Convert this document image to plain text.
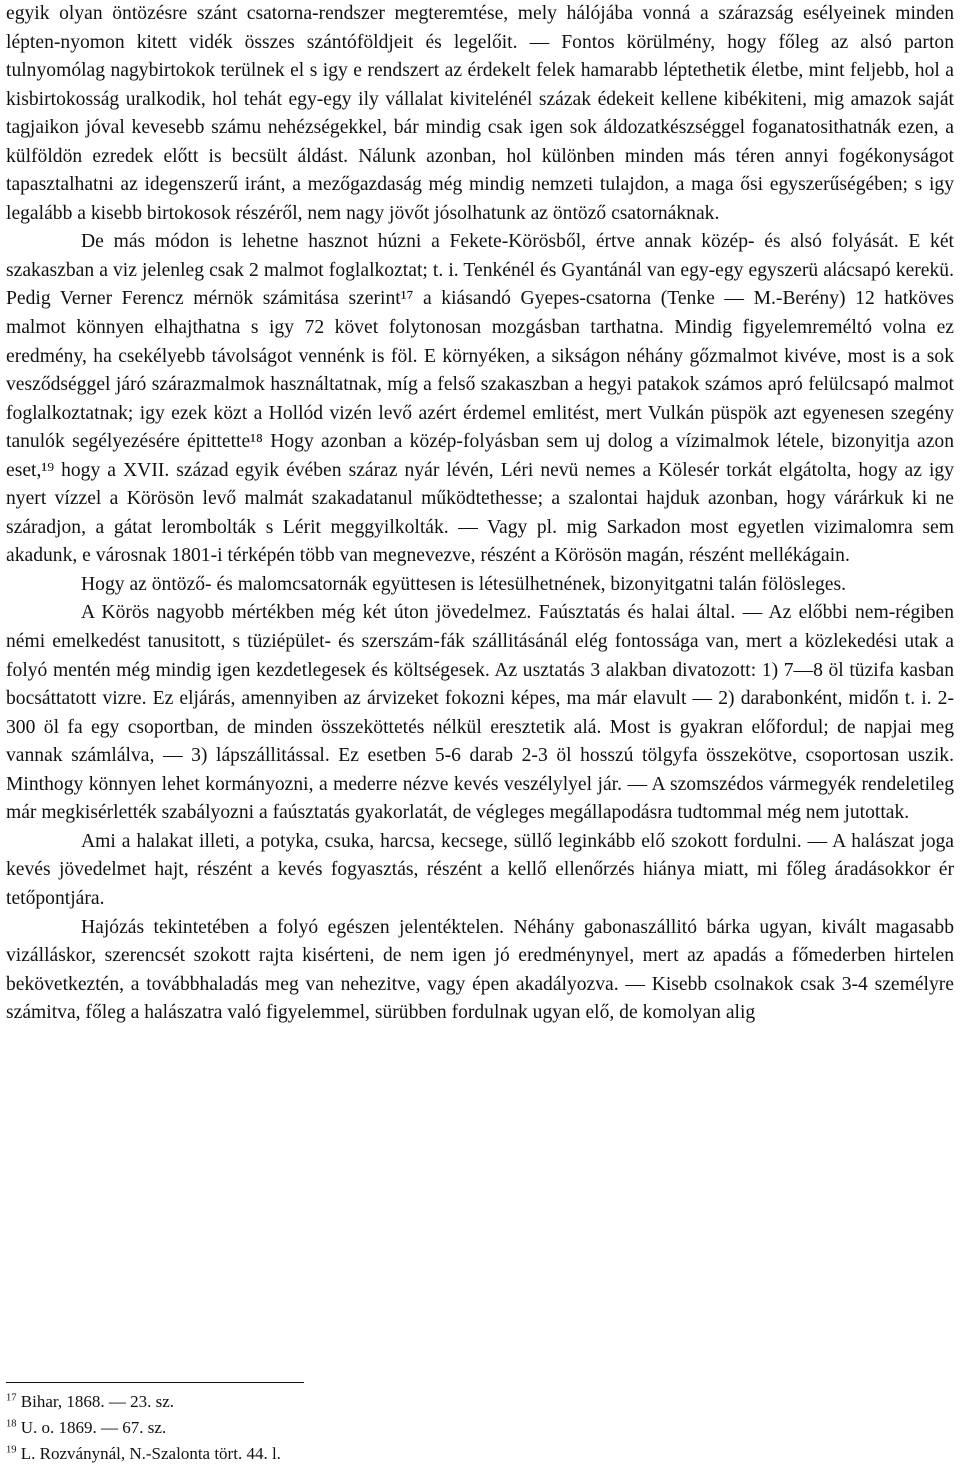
egyik olyan öntözésre szánt csatorna-rendszer megteremtése, mely hálójába vonná a szárazság esélyeinek minden lépten-nyomon kitett vidék összes szántóföldjeit és legelőit. — Fontos körülmény, hogy főleg az alsó parton tulnyomólag nagybirtokok terülnek el s igy e rendszert az érdekelt felek hamarabb léptethetik életbe, mint feljebb, hol a kisbirtokosság uralkodik, hol tehát egy-egy ily vállalat kivitelénél százak édekeit kellene kibékiteni, mig amazok saját tagjaikon jóval kevesebb számu nehézségekkel, bár mindig csak igen sok áldozatkészséggel foganatosithatnák ezen, a külföldön ezredek előtt is becsült áldást. Nálunk azonban, hol különben minden más téren annyi fogékonyságot tapasztalhatni az idegenszerű iránt, a mezőgazdaság még mindig nemzeti tulajdon, a maga ősi egyszerűségében; s igy legalább a kisebb birtokosok részéről, nem nagy jövőt jósolhatunk az öntöző csatornáknak.

De más módon is lehetne hasznot húzni a Fekete-Körösből, értve annak közép- és alsó folyását. E két szakaszban a viz jelenleg csak 2 malmot foglalkoztat; t. i. Tenkénél és Gyantánál van egy-egy egyszerü alácsapó kerekü. Pedig Verner Ferencz mérnök számitása szerint¹⁷ a kiásandó Gyepes-csatorna (Tenke — M.-Berény) 12 hatköves malmot könnyen elhajthatna s igy 72 követ folytonosan mozgásban tarthatna. Mindig figyelemreméltó volna ez eredmény, ha csekélyebb távolságot vennénk is föl. E környéken, a sikságon néhány gőzmalmot kivéve, most is a sok vesződséggel járó szárazmalmok használtatnak, míg a felső szakaszban a hegyi patakok számos apró felülcsapó malmot foglalkoztatnak; igy ezek közt a Hollód vizén levő azért érdemel emlitést, mert Vulkán püspök azt egyenesen szegény tanulók segélyezésére épittette¹⁸ Hogy azonban a közép-folyásban sem uj dolog a vízimalmok létele, bizonyitja azon eset,¹⁹ hogy a XVII. század egyik évében száraz nyár lévén, Léri nevü nemes a Kölesér torkát elgátolta, hogy az igy nyert vízzel a Körösön levő malmát szakadatanul működtethesse; a szalontai hajduk azonban, hogy várárkuk ki ne száradjon, a gátat lerombolták s Lérit meggyilkolták. — Vagy pl. mig Sarkadon most egyetlen vizimalomra sem akadunk, e városnak 1801-i térképén több van megnevezve, részént a Körösön magán, részént mellékágain.

Hogy az öntöző- és malomcsatornák együttesen is létesülhetnének, bizonyitgatni talán fölösleges.

A Körös nagyobb mértékben még két úton jövedelmez. Faúsztatás és halai által. — Az előbbi nem-régiben némi emelkedést tanusitott, s tüziépület- és szerszám-fák szállitásánál elég fontossága van, mert a közlekedési utak a folyó mentén még mindig igen kezdetlegesek és költségesek. Az usztatás 3 alakban divatozott: 1) 7—8 öl tüzifa kasban bocsáttatott vizre. Ez eljárás, amennyiben az árvizeket fokozni képes, ma már elavult — 2) darabonként, midőn t. i. 2-300 öl fa egy csoportban, de minden összeköttetés nélkül eresztetik alá. Most is gyakran előfordul; de napjai meg vannak számlálva, — 3) lápszállitással. Ez esetben 5-6 darab 2-3 öl hosszú tölgyfa összekötve, csoportosan uszik. Minthogy könnyen lehet kormányozni, a mederre nézve kevés veszélylyel jár. — A szomszédos vármegyék rendeletileg már megkisérlették szabályozni a faúsztatás gyakorlatát, de végleges megállapodásra tudtommal még nem jutottak.

Ami a halakat illeti, a potyka, csuka, harcsa, kecsege, süllő leginkább elő szokott fordulni. — A halászat joga kevés jövedelmet hajt, részént a kevés fogyasztás, részént a kellő ellenőrzés hiánya miatt, mi főleg áradásokkor ér tetőpontjára.

Hajózás tekintetében a folyó egészen jelentéktelen. Néhány gabonaszállitó bárka ugyan, kivált magasabb vizálláskor, szerencsét szokott rajta kisérteni, de nem igen jó eredménynyel, mert az apadás a főmederben hirtelen bekövetkeztén, a továbbhaladás meg van nehezitve, vagy épen akadályozva. — Kisebb csolnakok csak 3-4 személyre számitva, főleg a halászatra való figyelemmel, sürübben fordulnak ugyan elő, de komolyan alig

$^{17}$ Bihar, 1868. — 23. sz.

$^{18}$ U. o. 1869. — 67. sz.

$^{19}$ L. Rozványnál, N.-Szalonta tört. 44. l.
